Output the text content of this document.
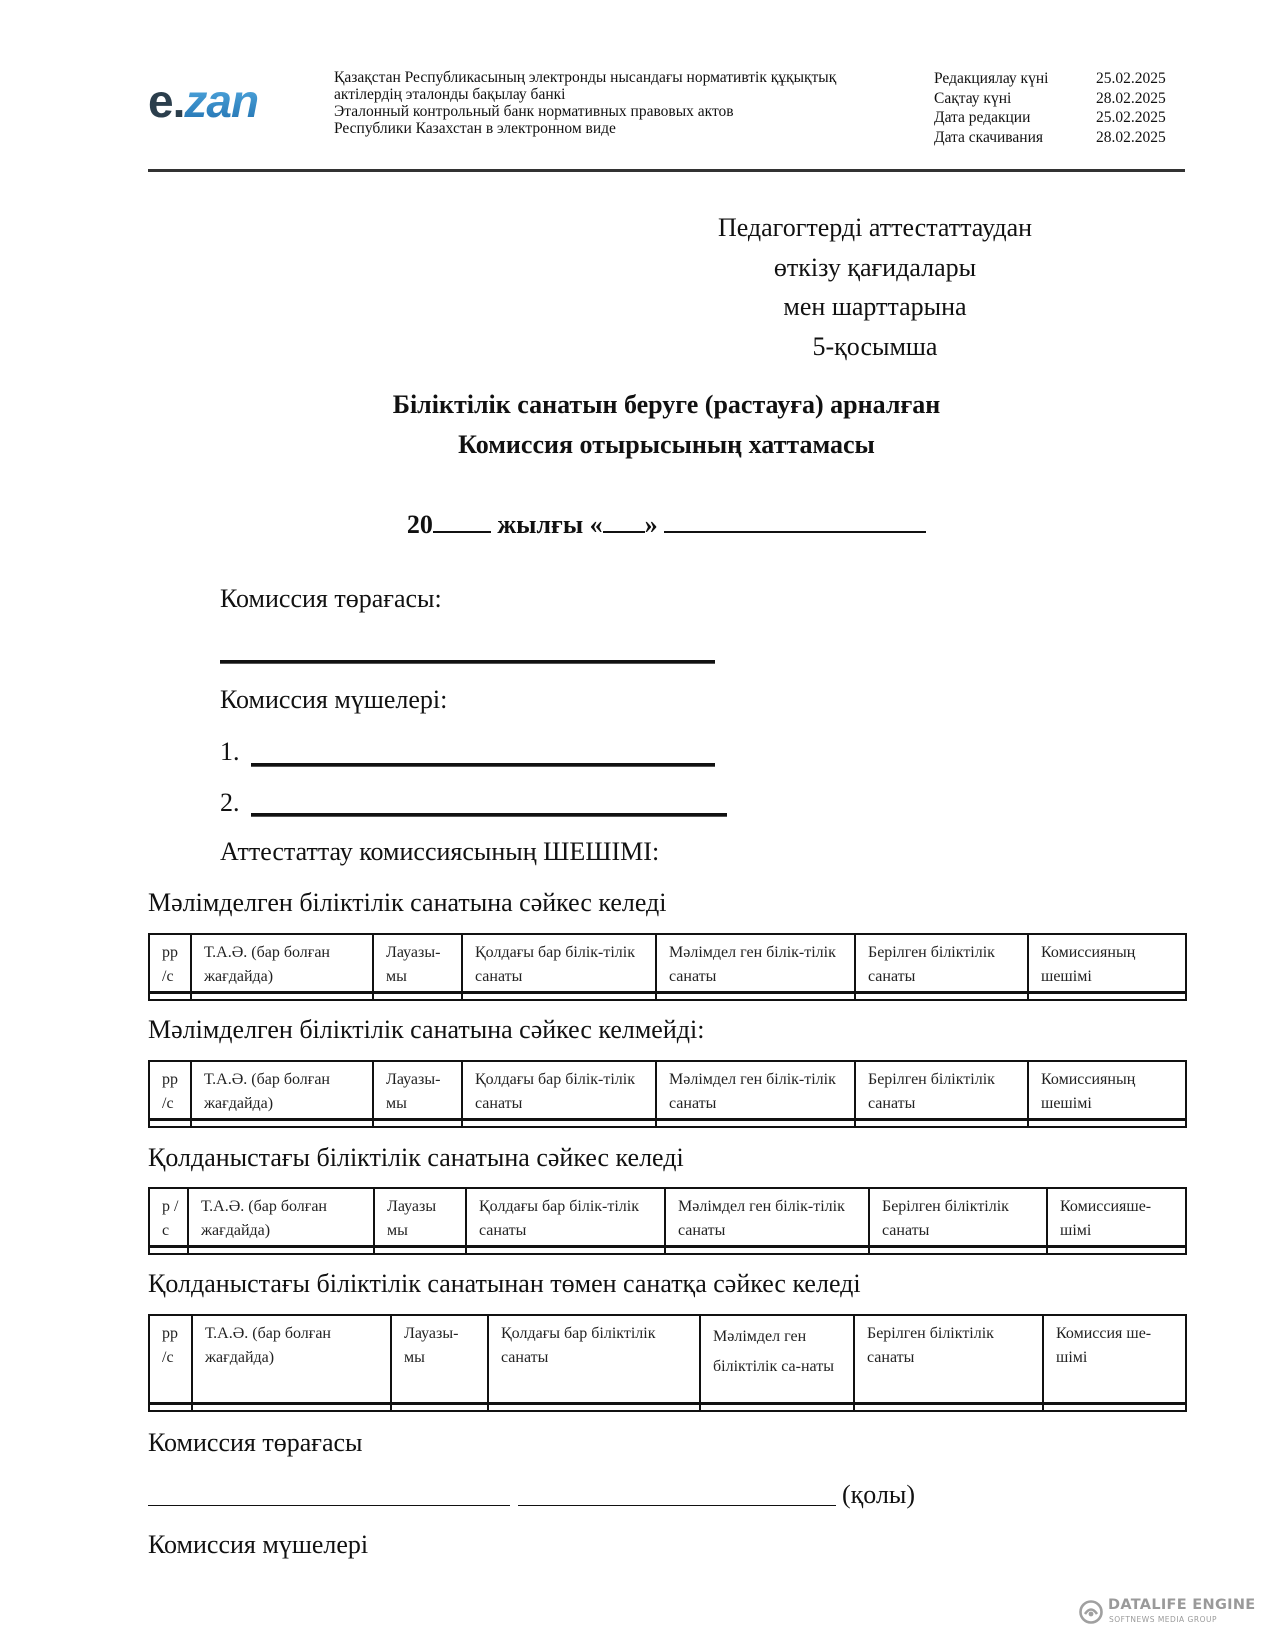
e.zan	Қазақстан Республикасының электронды нысандағы нормативтік құқықтық
актілердің эталонды бақылау банкі
Эталонный контрольный банк нормативных правовых актов
Республики Казахстан в электронном виде
Редакциялау күні	25.02.2025
Сақтау күні	28.02.2025
Дата редакции	25.02.2025
Дата скачивания	28.02.2025
Педагогтерді аттестаттаудан
өткізу қағидалары
мен шарттарына
5-қосымша
Біліктілік санатын беруге (растауға) арналған
Комиссия отырысының хаттамасы
20 жылғы « »
Комиссия төрағасы:
Комиссия мүшелері:
1.
2.
Аттестаттау комиссиясының ШЕШІМІ:
Мәлімделген біліктілік санатына сәйкес келеді
рр /с	Т.А.Ә. (бар болған жағдайда)	Лауазы-мы	Қолдағы бар білік-тілік санаты	Мәлімдел ген білік-тілік санаты	Берілген біліктілік санаты	Комиссияның шешімі

Мәлімделген біліктілік санатына сәйкес келмейді:
рр /с	Т.А.Ә. (бар болған жағдайда)	Лауазы-мы	Қолдағы бар білік-тілік санаты	Мәлімдел ген білік-тілік санаты	Берілген біліктілік санаты	Комиссияның шешімі

Қолданыстағы біліктілік санатына сәйкес келеді
р /с	Т.А.Ә. (бар болған жағдайда)	Лауазы мы	Қолдағы бар білік-тілік санаты	Мәлімдел ген білік-тілік санаты	Берілген біліктілік санаты	Комиссияше-шімі

Қолданыстағы біліктілік санатынан төмен санатқа сәйкес келеді
рр /с	Т.А.Ә. (бар болған жағдайда)	Лауазы-мы	Қолдағы бар біліктілік санаты	Мәлімдел ген біліктілік са-наты	Берілген біліктілік санаты	Комиссия ше-шімі

Комиссия төрағасы
(қолы)
Комиссия мүшелері
DATALIFE ENGINE
SOFTNEWS MEDIA GROUP
